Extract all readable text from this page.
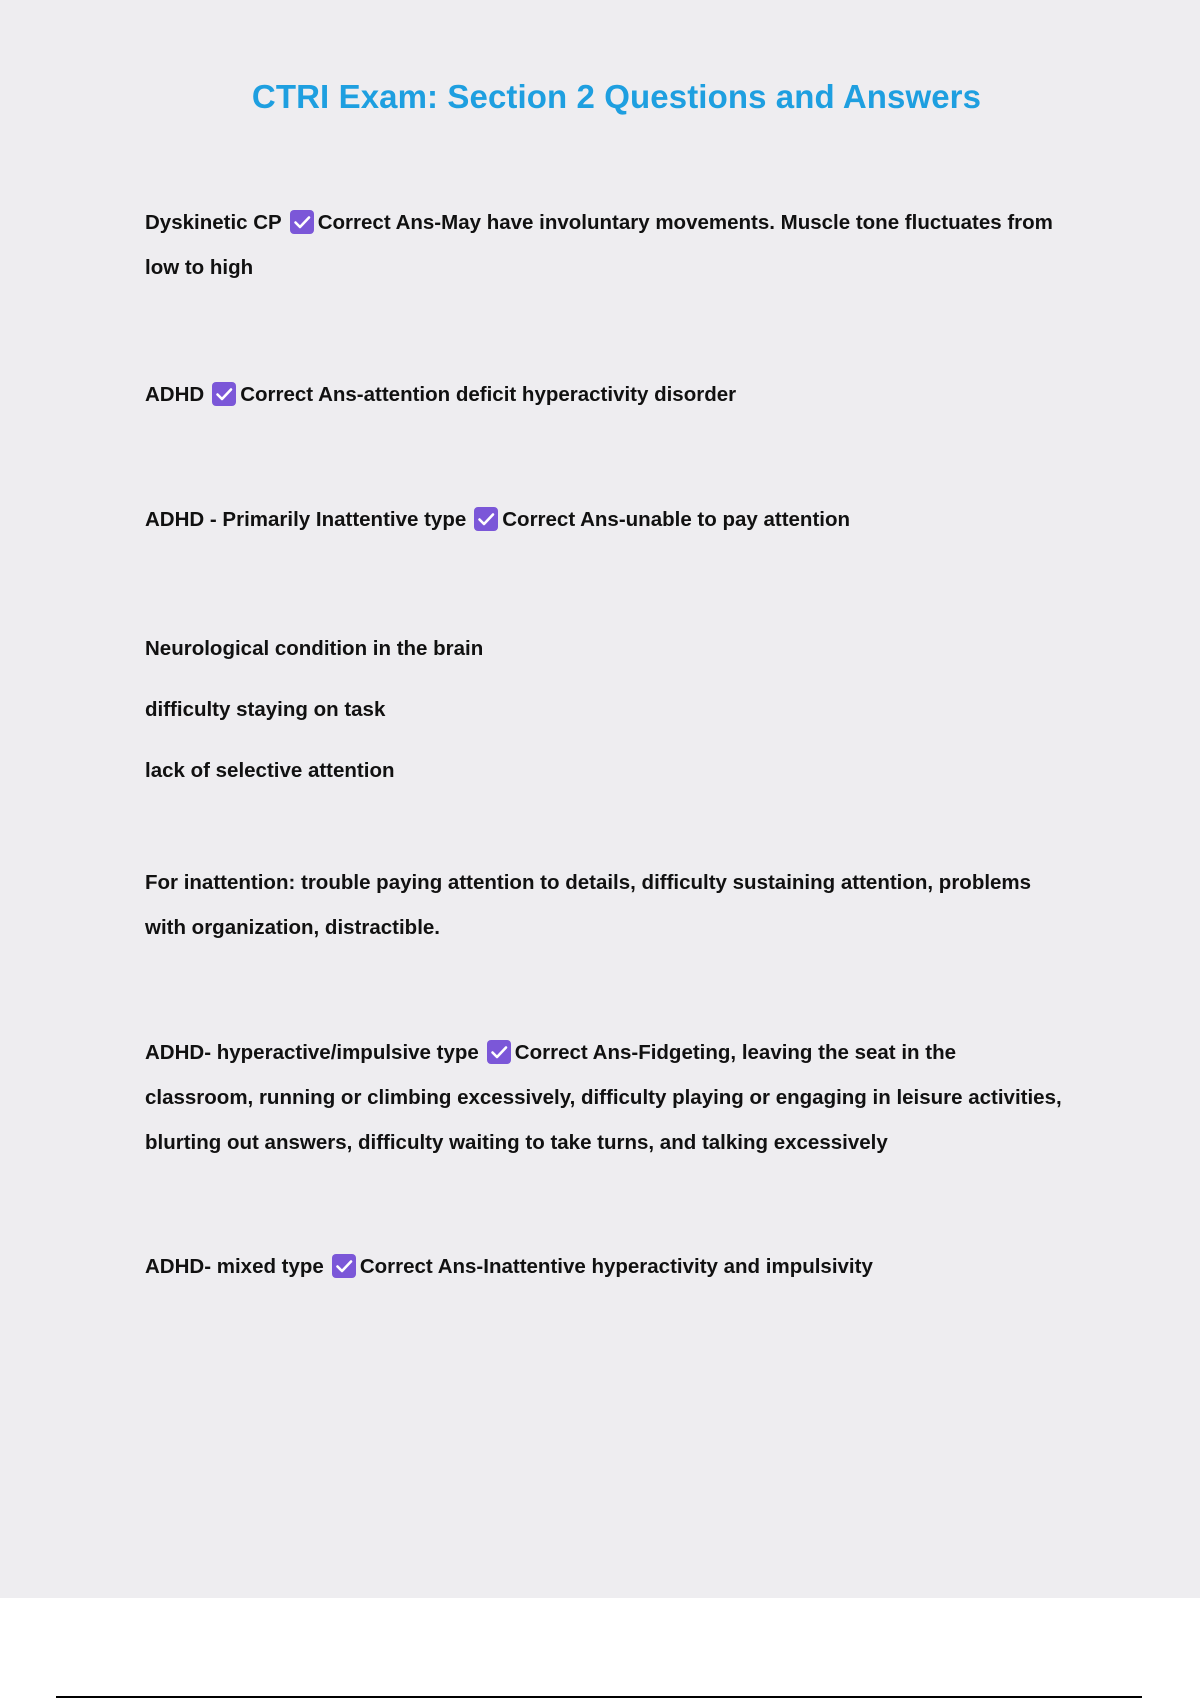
CTRI Exam: Section 2 Questions and Answers
Dyskinetic CP Correct Ans-May have involuntary movements. Muscle tone fluctuates from
low to high
ADHD Correct Ans-attention deficit hyperactivity disorder
ADHD - Primarily Inattentive type Correct Ans-unable to pay attention
Neurological condition in the brain
difficulty staying on task
lack of selective attention
For inattention: trouble paying attention to details, difficulty sustaining attention, problems
with organization, distractible.
ADHD- hyperactive/impulsive type Correct Ans-Fidgeting, leaving the seat in the
classroom, running or climbing excessively, difficulty playing or engaging in leisure activities,
blurting out answers, difficulty waiting to take turns, and talking excessively
ADHD- mixed type Correct Ans-Inattentive hyperactivity and impulsivity
